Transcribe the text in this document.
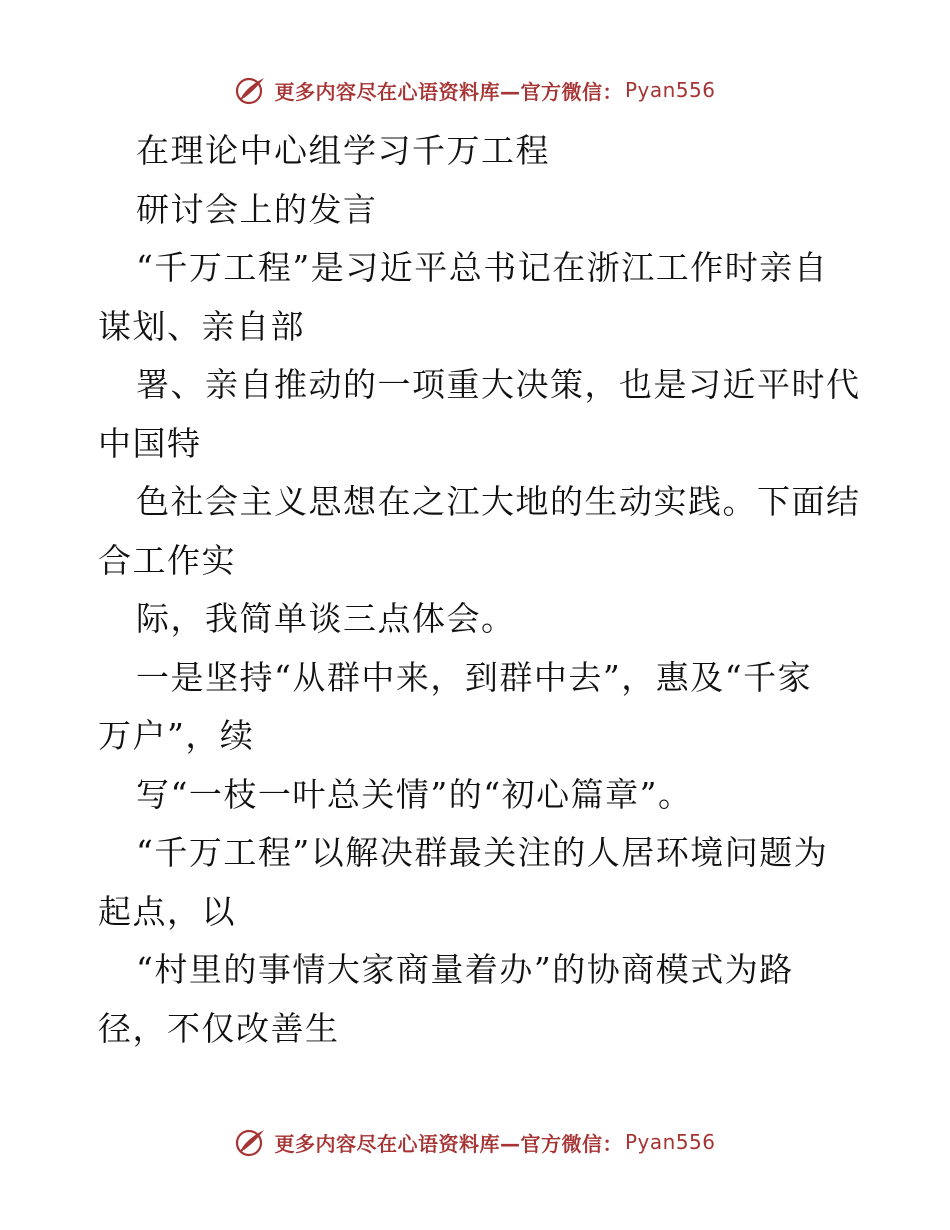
更多内容尽在心语资料库—官方微信： Pyan556
在理论中心组学习千万工程
研讨会上的发言
“千万工程”是习近平总书记在浙江工作时亲自
谋划、亲自部
署、亲自推动的一项重大决策，也是习近平时代
中国特
色社会主义思想在之江大地的生动实践。下面结
合工作实
际，我简单谈三点体会。
一是坚持“从群中来，到群中去”，惠及“千家
万户”，续
写“一枝一叶总关情”的“初心篇章”。
“千万工程”以解决群最关注的人居环境问题为
起点，以
“村里的事情大家商量着办”的协商模式为路
径，不仅改善生
更多内容尽在心语资料库—官方微信： Pyan556
